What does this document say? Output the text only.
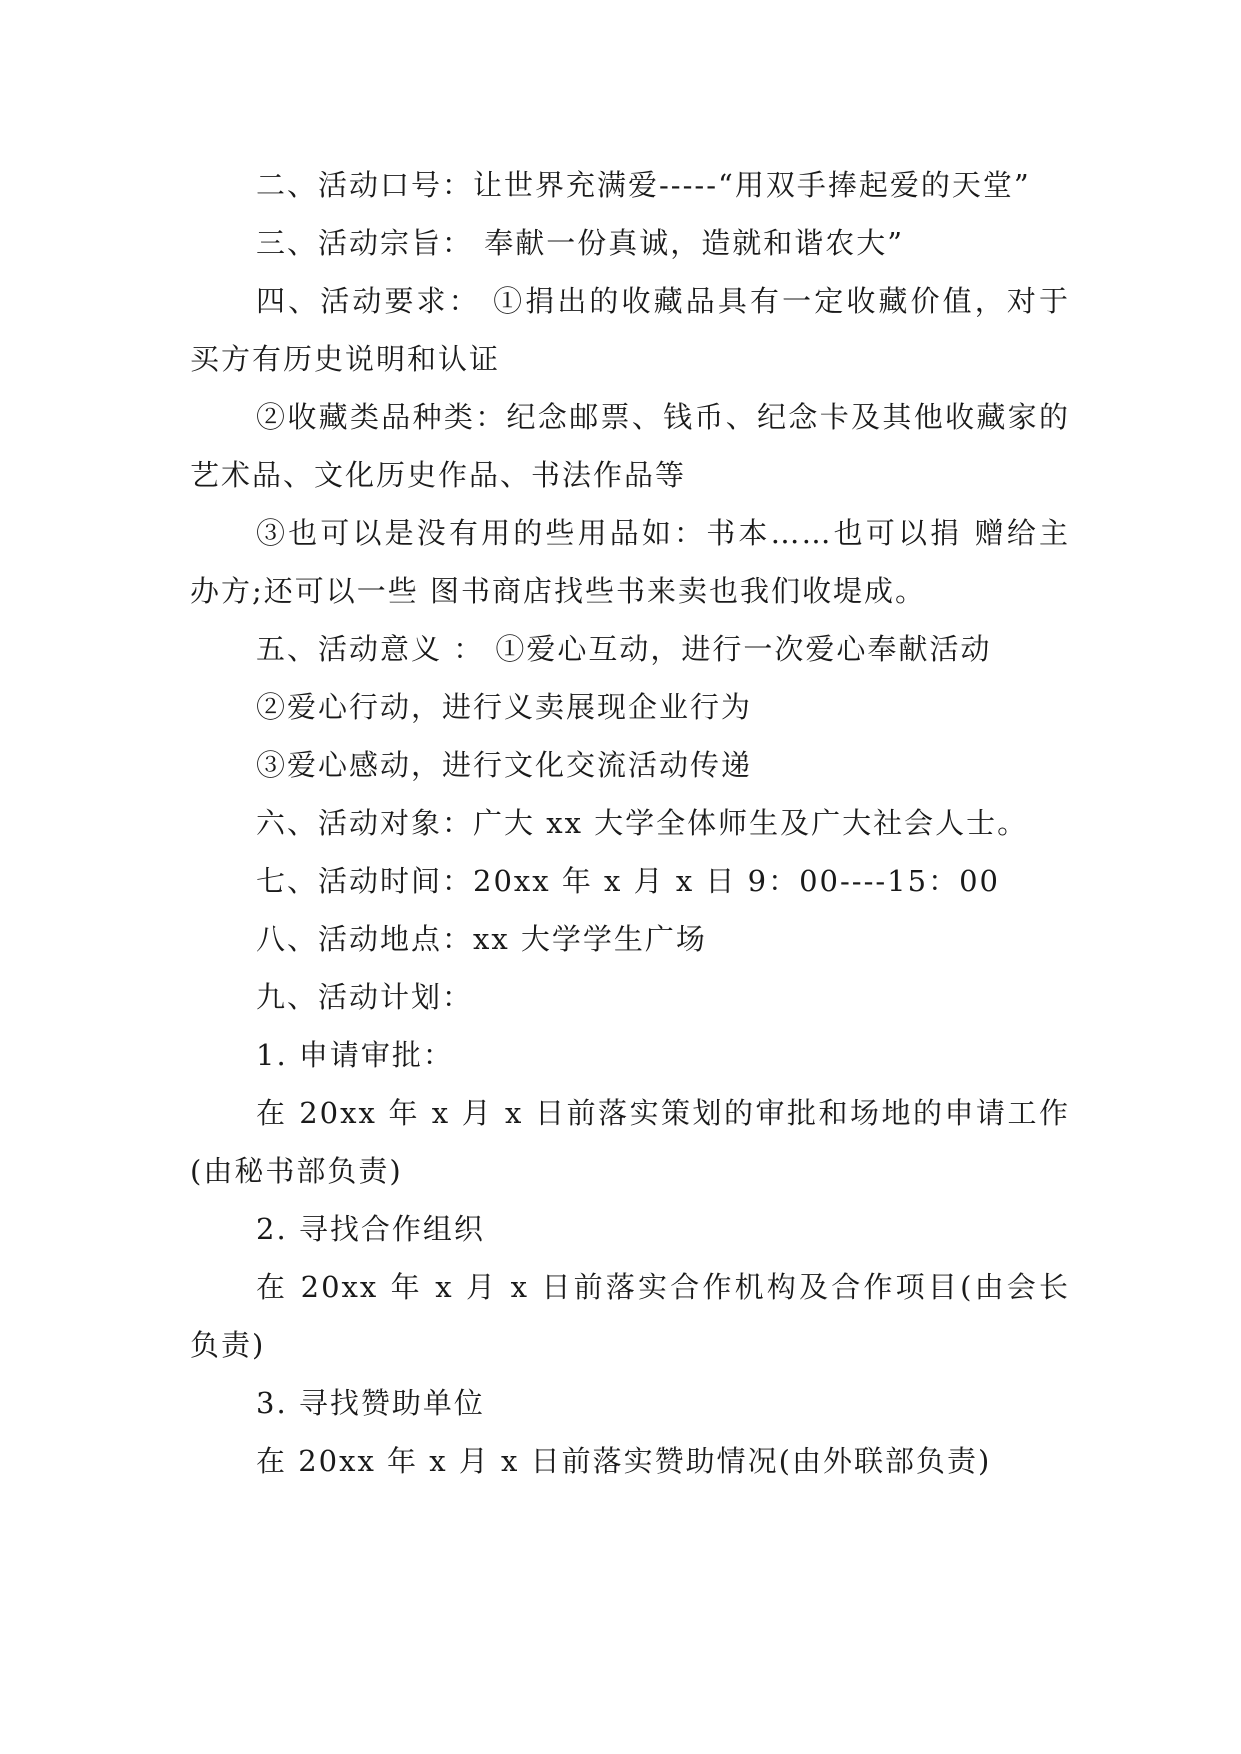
二、活动口号：让世界充满爱-----“用双手捧起爱的天堂”

三、活动宗旨： 奉献一份真诚，造就和谐农大”

四、活动要求： ①捐出的收藏品具有一定收藏价值，对于买方有历史说明和认证

②收藏类品种类：纪念邮票、钱币、纪念卡及其他收藏家的艺术品、文化历史作品、书法作品等

③也可以是没有用的些用品如：书本……也可以捐 赠给主办方;还可以一些 图书商店找些书来卖也我们收堤成。

五、活动意义 ： ①爱心互动，进行一次爱心奉献活动

②爱心行动，进行义卖展现企业行为

③爱心感动，进行文化交流活动传递

六、活动对象：广大 xx 大学全体师生及广大社会人士。

七、活动时间：20xx 年 x 月 x 日 9：00----15：00

八、活动地点：xx 大学学生广场

九、活动计划：

1. 申请审批：

在 20xx 年 x 月 x 日前落实策划的审批和场地的申请工作(由秘书部负责)

2. 寻找合作组织

在 20xx 年 x 月 x 日前落实合作机构及合作项目(由会长负责)

3. 寻找赞助单位

在 20xx 年 x 月 x 日前落实赞助情况(由外联部负责)
